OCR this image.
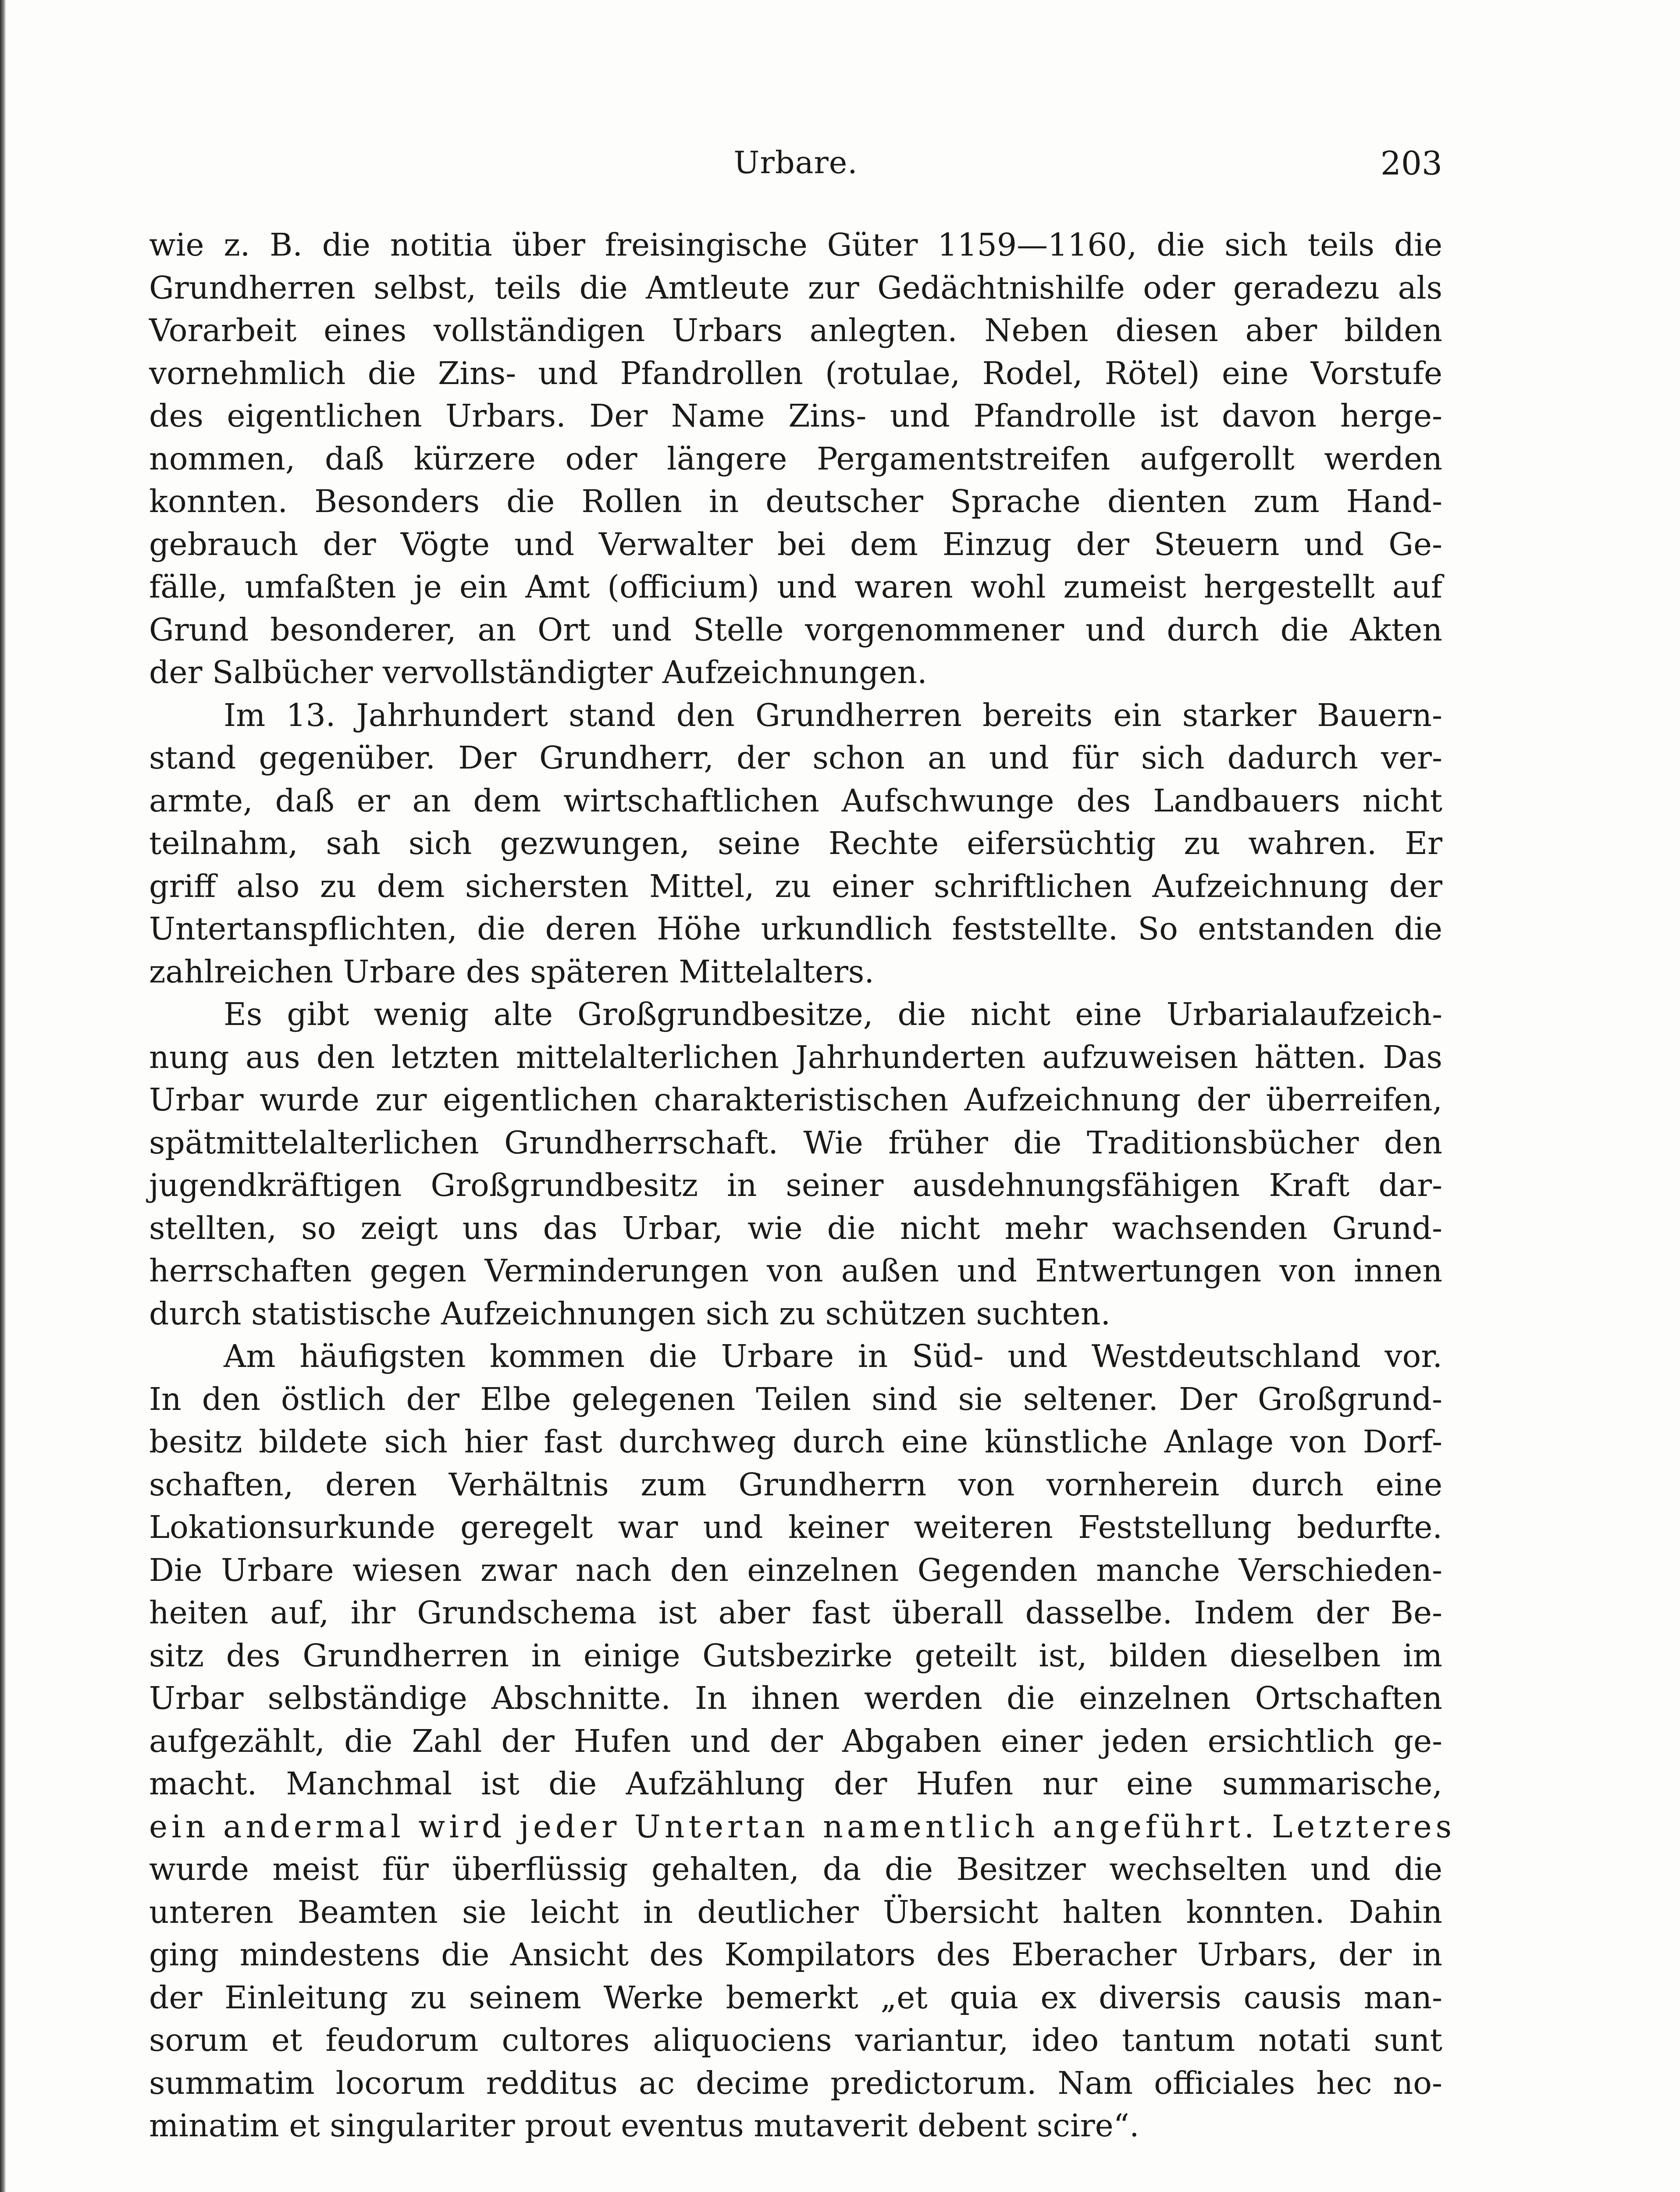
Urbare.	203

wie z. B. die notitia über freisingische Güter 1159—1160, die sich teils die
Grundherren selbst, teils die Amtleute zur Gedächtnishilfe oder geradezu als
Vorarbeit eines vollständigen Urbars anlegten. Neben diesen aber bilden
vornehmlich die Zins- und Pfandrollen (rotulae, Rodel, Rötel) eine Vorstufe
des eigentlichen Urbars. Der Name Zins- und Pfandrolle ist davon herge-
nommen, daß kürzere oder längere Pergamentstreifen aufgerollt werden
konnten. Besonders die Rollen in deutscher Sprache dienten zum Hand-
gebrauch der Vögte und Verwalter bei dem Einzug der Steuern und Ge-
fälle, umfaßten je ein Amt (officium) und waren wohl zumeist hergestellt auf
Grund besonderer, an Ort und Stelle vorgenommener und durch die Akten
der Salbücher vervollständigter Aufzeichnungen.

Im 13. Jahrhundert stand den Grundherren bereits ein starker Bauern-
stand gegenüber. Der Grundherr, der schon an und für sich dadurch ver-
armte, daß er an dem wirtschaftlichen Aufschwunge des Landbauers nicht
teilnahm, sah sich gezwungen, seine Rechte eifersüchtig zu wahren. Er
griff also zu dem sichersten Mittel, zu einer schriftlichen Aufzeichnung der
Untertanspflichten, die deren Höhe urkundlich feststellte. So entstanden die
zahlreichen Urbare des späteren Mittelalters.

Es gibt wenig alte Großgrundbesitze, die nicht eine Urbarialaufzeich-
nung aus den letzten mittelalterlichen Jahrhunderten aufzuweisen hätten. Das
Urbar wurde zur eigentlichen charakteristischen Aufzeichnung der überreifen,
spätmittelalterlichen Grundherrschaft. Wie früher die Traditionsbücher den
jugendkräftigen Großgrundbesitz in seiner ausdehnungsfähigen Kraft dar-
stellten, so zeigt uns das Urbar, wie die nicht mehr wachsenden Grund-
herrschaften gegen Verminderungen von außen und Entwertungen von innen
durch statistische Aufzeichnungen sich zu schützen suchten.

Am häufigsten kommen die Urbare in Süd- und Westdeutschland vor.
In den östlich der Elbe gelegenen Teilen sind sie seltener. Der Großgrund-
besitz bildete sich hier fast durchweg durch eine künstliche Anlage von Dorf-
schaften, deren Verhältnis zum Grundherrn von vornherein durch eine
Lokationsurkunde geregelt war und keiner weiteren Feststellung bedurfte.
Die Urbare wiesen zwar nach den einzelnen Gegenden manche Verschieden-
heiten auf, ihr Grundschema ist aber fast überall dasselbe. Indem der Be-
sitz des Grundherren in einige Gutsbezirke geteilt ist, bilden dieselben im
Urbar selbständige Abschnitte. In ihnen werden die einzelnen Ortschaften
aufgezählt, die Zahl der Hufen und der Abgaben einer jeden ersichtlich ge-
macht. Manchmal ist die Aufzählung der Hufen nur eine summarische,
ein andermal wird jeder Untertan namentlich angeführt. Letzteres
wurde meist für überflüssig gehalten, da die Besitzer wechselten und die
unteren Beamten sie leicht in deutlicher Übersicht halten konnten. Dahin
ging mindestens die Ansicht des Kompilators des Eberacher Urbars, der in
der Einleitung zu seinem Werke bemerkt „et quia ex diversis causis man-
sorum et feudorum cultores aliquociens variantur, ideo tantum notati sunt
summatim locorum redditus ac decime predictorum. Nam officiales hec no-
minatim et singulariter prout eventus mutaverit debent scire“.
